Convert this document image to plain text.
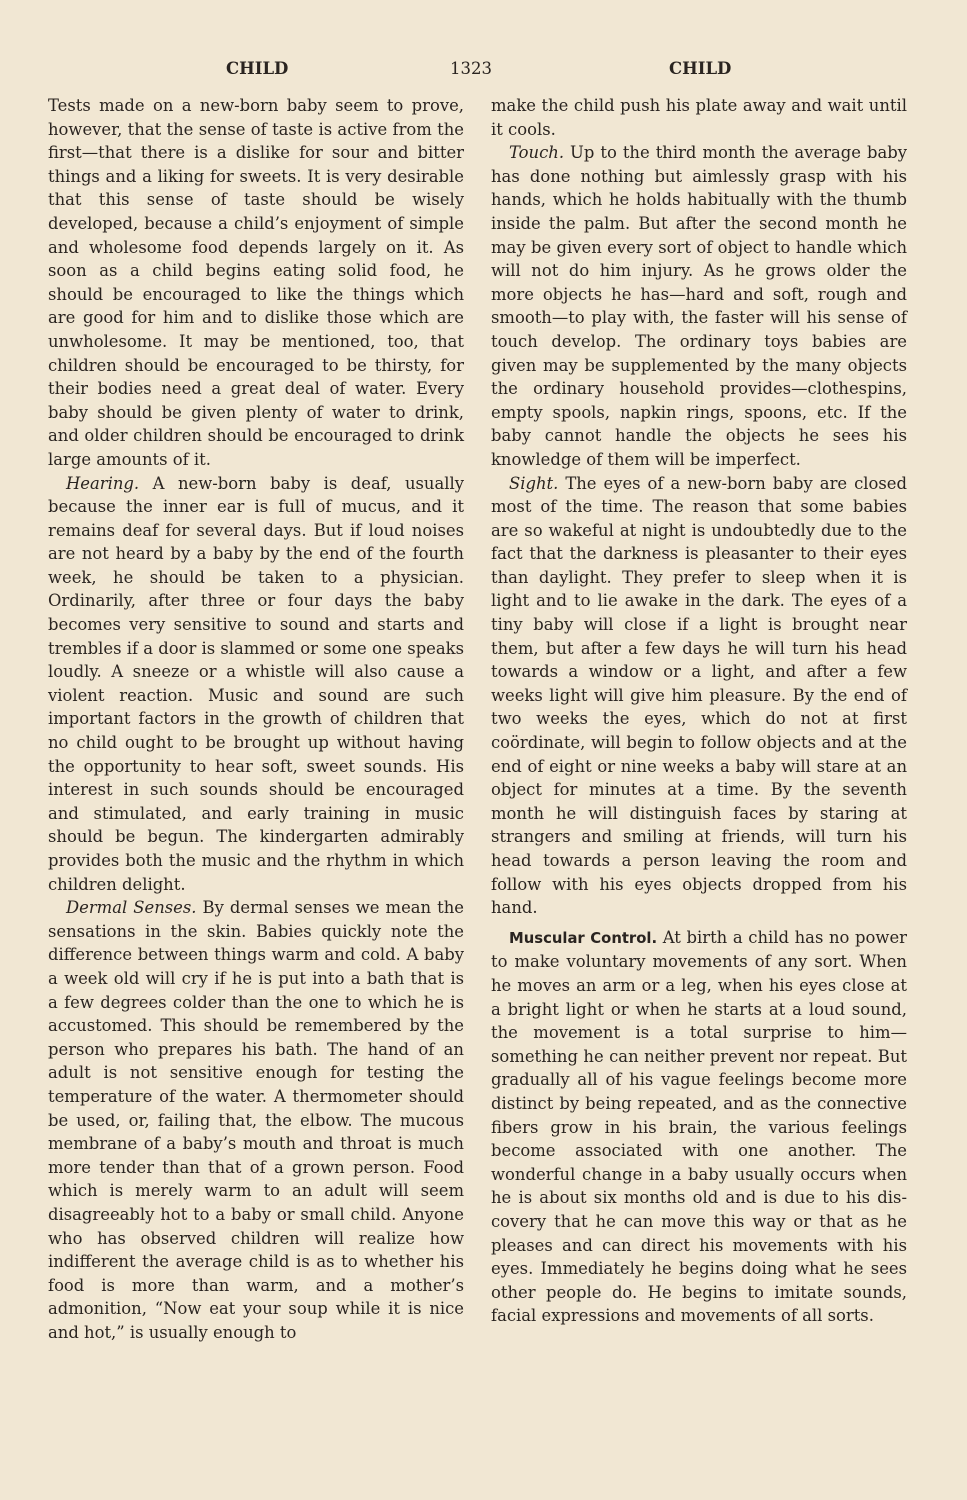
CHILD	1323	CHILD

Tests made on a new-born baby seem to prove, however, that the sense of taste is active from the first—that there is a dislike for sour and bitter things and a liking for sweets. It is very desirable that this sense of taste should be wisely developed, because a child’s enjoyment of simple and wholesome food depends largely on it. As soon as a child begins eating solid food, he should be encouraged to like the things which are good for him and to dislike those which are unwholesome. It may be mentioned, too, that children should be encouraged to be thirsty, for their bodies need a great deal of water. Every baby should be given plenty of water to drink, and older children should be encouraged to drink large amounts of it.

Hearing. A new-born baby is deaf, usually because the inner ear is full of mucus, and it remains deaf for several days. But if loud noises are not heard by a baby by the end of the fourth week, he should be taken to a physician. Ordinarily, after three or four days the baby becomes very sensitive to sound and starts and trembles if a door is slammed or some one speaks loudly. A sneeze or a whistle will also cause a violent reaction. Music and sound are such important factors in the growth of children that no child ought to be brought up without having the opportunity to hear soft, sweet sounds. His interest in such sounds should be encouraged and stimulated, and early training in music should be begun. The kindergarten admirably provides both the music and the rhythm in which children delight.

Dermal Senses. By dermal senses we mean the sensations in the skin. Babies quickly note the difference between things warm and cold. A baby a week old will cry if he is put into a bath that is a few degrees colder than the one to which he is accustomed. This should be remembered by the person who prepares his bath. The hand of an adult is not sensitive enough for testing the temperature of the water. A thermometer should be used, or, failing that, the elbow. The mucous membrane of a baby’s mouth and throat is much more tender than that of a grown person. Food which is merely warm to an adult will seem disagreeably hot to a baby or small child. Anyone who has observed children will realize how indifferent the average child is as to whether his food is more than warm, and a mother’s admonition, “Now eat your soup while it is nice and hot,” is usually enough to

make the child push his plate away and wait until it cools.

Touch. Up to the third month the average baby has done nothing but aimlessly grasp with his hands, which he holds habitually with the thumb inside the palm. But after the second month he may be given every sort of object to handle which will not do him injury. As he grows older the more objects he has—hard and soft, rough and smooth—to play with, the faster will his sense of touch develop. The ordinary toys babies are given may be supplemented by the many objects the ordinary household provides—clothespins, empty spools, napkin rings, spoons, etc. If the baby cannot handle the objects he sees his knowledge of them will be imperfect.

Sight. The eyes of a new-born baby are closed most of the time. The reason that some babies are so wakeful at night is undoubtedly due to the fact that the darkness is pleasanter to their eyes than daylight. They prefer to sleep when it is light and to lie awake in the dark. The eyes of a tiny baby will close if a light is brought near them, but after a few days he will turn his head towards a window or a light, and after a few weeks light will give him pleasure. By the end of two weeks the eyes, which do not at first coördinate, will begin to follow objects and at the end of eight or nine weeks a baby will stare at an object for minutes at a time. By the seventh month he will distinguish faces by staring at strangers and smiling at friends, will turn his head towards a person leaving the room and follow with his eyes objects dropped from his hand.

Muscular Control. At birth a child has no power to make voluntary movements of any sort. When he moves an arm or a leg, when his eyes close at a bright light or when he starts at a loud sound, the movement is a total surprise to him—something he can neither prevent nor repeat. But gradually all of his vague feelings become more distinct by being repeated, and as the connective fibers grow in his brain, the various feelings become associated with one another. The wonderful change in a baby usually occurs when he is about six months old and is due to his discovery that he can move this way or that as he pleases and can direct his movements with his eyes. Immediately he begins doing what he sees other people do. He begins to imitate sounds, facial expressions and movements of all sorts.
